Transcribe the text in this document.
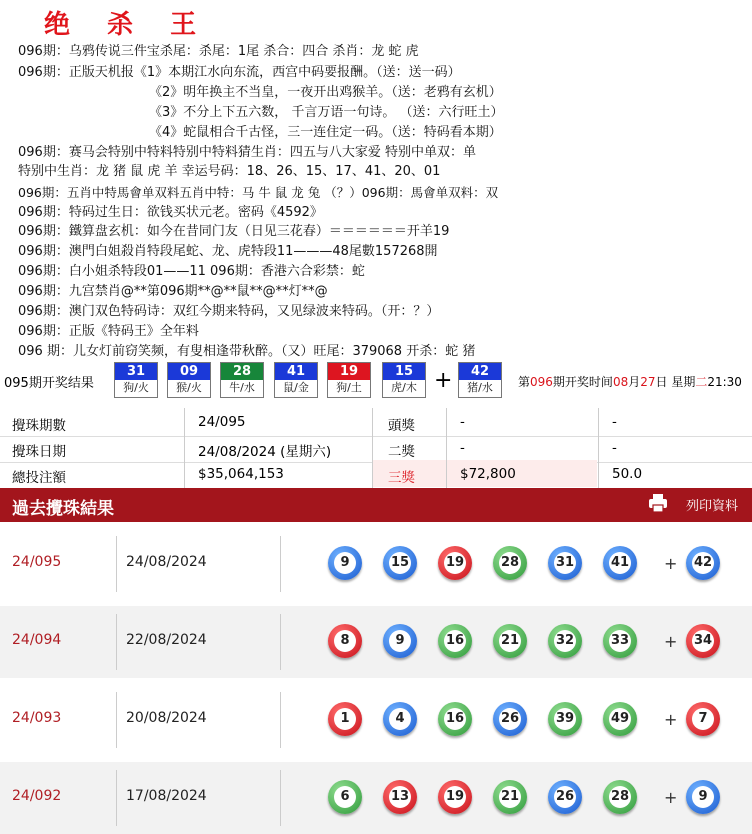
绝 杀 王
096期：乌鸦传说三件宝杀尾：杀尾：1尾 杀合：四合 杀肖：龙 蛇 虎
096期：正版天机报《1》本期江水向东流，西宫中码要报酬。（送：送一码）
《2》明年换主不当皇，一夜开出鸡猴羊。（送：老鸦有玄机）
《3》不分上下五六数， 千言万语一句诗。 （送：六行旺土）
《4》蛇鼠相合千古怪，三一连住定一码。（送：特码看本期）
096期：赛马会特别中特料特别中特料猜生肖：四五与八大家爱 特别中单双：单
特别中生肖：龙 猪 鼠 虎 羊 幸运号码：18、26、15、17、41、20、01
096期：五肖中特馬會单双料五肖中特：马 牛 鼠 龙 兔 （？）096期：馬會单双料：双
096期：特码过生日：欲钱买状元老。密码《4592》
096期：鐵算盘玄机：如今在昔同门友（日见三花春）＝＝＝＝＝＝开羊19
096期：澳門白姐殺肖特段尾蛇、龙、虎特段11———48尾數157268開
096期：白小姐杀特段01——11 096期：香港六合彩禁：蛇
096期：九宫禁肖@**第096期**@**鼠**@**灯**@
096期：澳门双色特码诗：双红今期来特码，又见绿波来特码。（开：？）
096期：正版《特码王》全年料
096 期：儿女灯前窃笑频，有叟相逢带秋醉。（又）旺尾：379068 开杀：蛇 猪
095期开奖结果
31
狗/火
09
猴/火
28
牛/水
41
鼠/金
19
狗/土
15
虎/木 +	42
猪/水	第096期开奖时间08月27日 星期二21:30
攪珠期數	24/095	頭獎	-	-
攪珠日期	24/08/2024 (星期六)	二獎	-	-
總投注額	$35,064,153	三獎	$72,800	50.0
過去攪珠結果	列印資料
24/095	24/08/2024	9	15	19	28	31	41 + 42
24/094	22/08/2024	8	9	16	21	32	33 + 34
24/093	20/08/2024	1	4	16	26	39	49 +	7
24/092	17/08/2024	6	13	19	21	26	28 +	9
